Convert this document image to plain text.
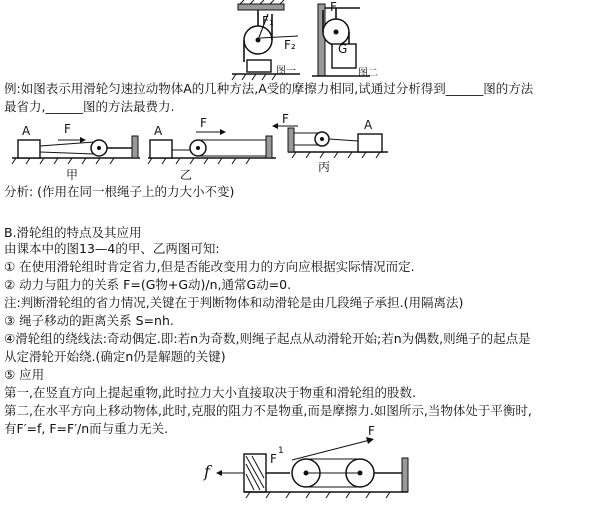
F₁
F₂
图一
F
G
图二
例:如图表示用滑轮匀速拉动物体A的几种方法,A受的摩擦力相同,试通过分析得到______图的方法
最省力,______图的方法最费力.
A	F
甲
A
F
乙
A
F
丙
分析: (作用在同一根绳子上的力大小不变)
B.滑轮组的特点及其应用
由课本中的图13—4的甲、乙两图可知:
① 在使用滑轮组时肯定省力,但是否能改变用力的方向应根据实际情况而定.
② 动力与阻力的关系 F=(G物+G动)/n,通常G动=0.
注:判断滑轮组的省力情况,关键在于判断物体和动滑轮是由几段绳子承担.(用隔离法)
③ 绳子移动的距离关系 S=nh.
④滑轮组的绕线法:奇动偶定.即:若n为奇数,则绳子起点从动滑轮开始;若n为偶数,则绳子的起点是
从定滑轮开始绕.(确定n仍是解题的关键)
⑤ 应用
第一,在竖直方向上提起重物,此时拉力大小直接取决于物重和滑轮组的股数.
第二,在水平方向上移动物体,此时,克服的阻力不是物重,而是摩擦力.如图所示,当物体处于平衡时,
有F′=f, F=F′/n而与重力无关.
f
F
1
F
